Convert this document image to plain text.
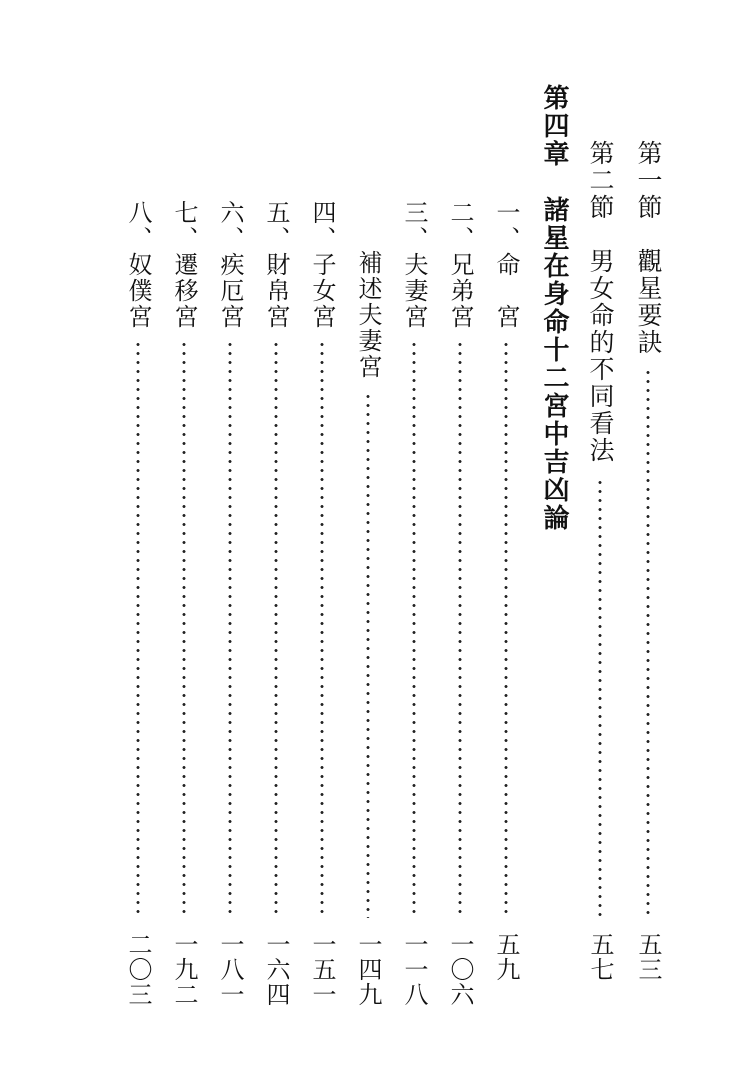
第一節　觀星要訣
五三
第二節　男女命的不同看法
五七
第四章　諸星在身命十二宮中吉凶論
一、命　宮
五九
二、兄弟宮
一〇六
三、夫妻宮
一一八
補述夫妻宮
一四九
四、子女宮
一五一
五、財帛宮
一六四
六、疾厄宮
一八一
七、遷移宮
一九二
八、奴僕宮
二〇三
